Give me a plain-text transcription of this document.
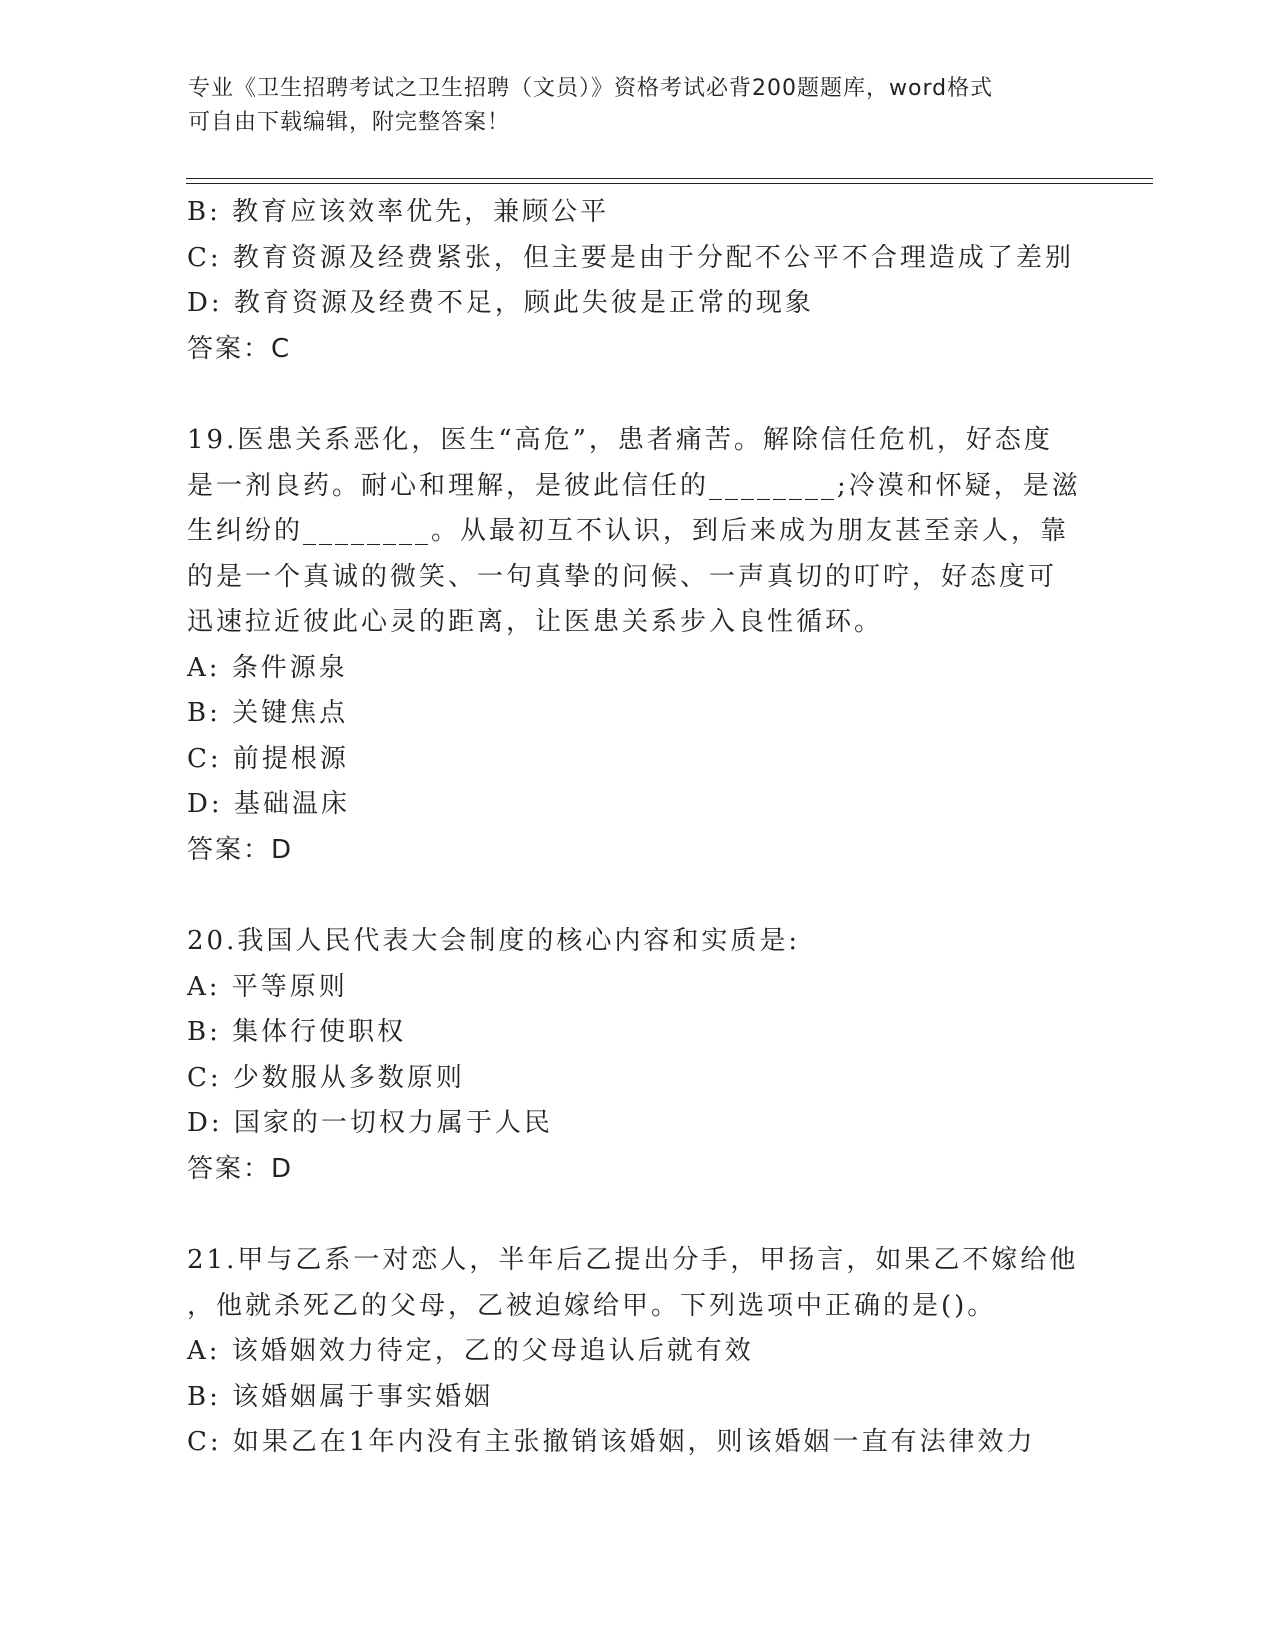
专业《卫生招聘考试之卫生招聘（文员）》资格考试必背200题题库，word格式
可自由下载编辑，附完整答案！
B: 教育应该效率优先，兼顾公平
C: 教育资源及经费紧张，但主要是由于分配不公平不合理造成了差别
D: 教育资源及经费不足，顾此失彼是正常的现象
答案：C
19.医患关系恶化，医生“高危”，患者痛苦。解除信任危机，好态度
是一剂良药。耐心和理解，是彼此信任的________;冷漠和怀疑，是滋
生纠纷的________。从最初互不认识，到后来成为朋友甚至亲人，靠
的是一个真诚的微笑、一句真挚的问候、一声真切的叮咛，好态度可
迅速拉近彼此心灵的距离，让医患关系步入良性循环。
A: 条件源泉
B: 关键焦点
C: 前提根源
D: 基础温床
答案：D
20.我国人民代表大会制度的核心内容和实质是:
A: 平等原则
B: 集体行使职权
C: 少数服从多数原则
D: 国家的一切权力属于人民
答案：D
21.甲与乙系一对恋人，半年后乙提出分手，甲扬言，如果乙不嫁给他
，他就杀死乙的父母，乙被迫嫁给甲。下列选项中正确的是()。
A: 该婚姻效力待定，乙的父母追认后就有效
B: 该婚姻属于事实婚姻
C: 如果乙在1年内没有主张撤销该婚姻，则该婚姻一直有法律效力
